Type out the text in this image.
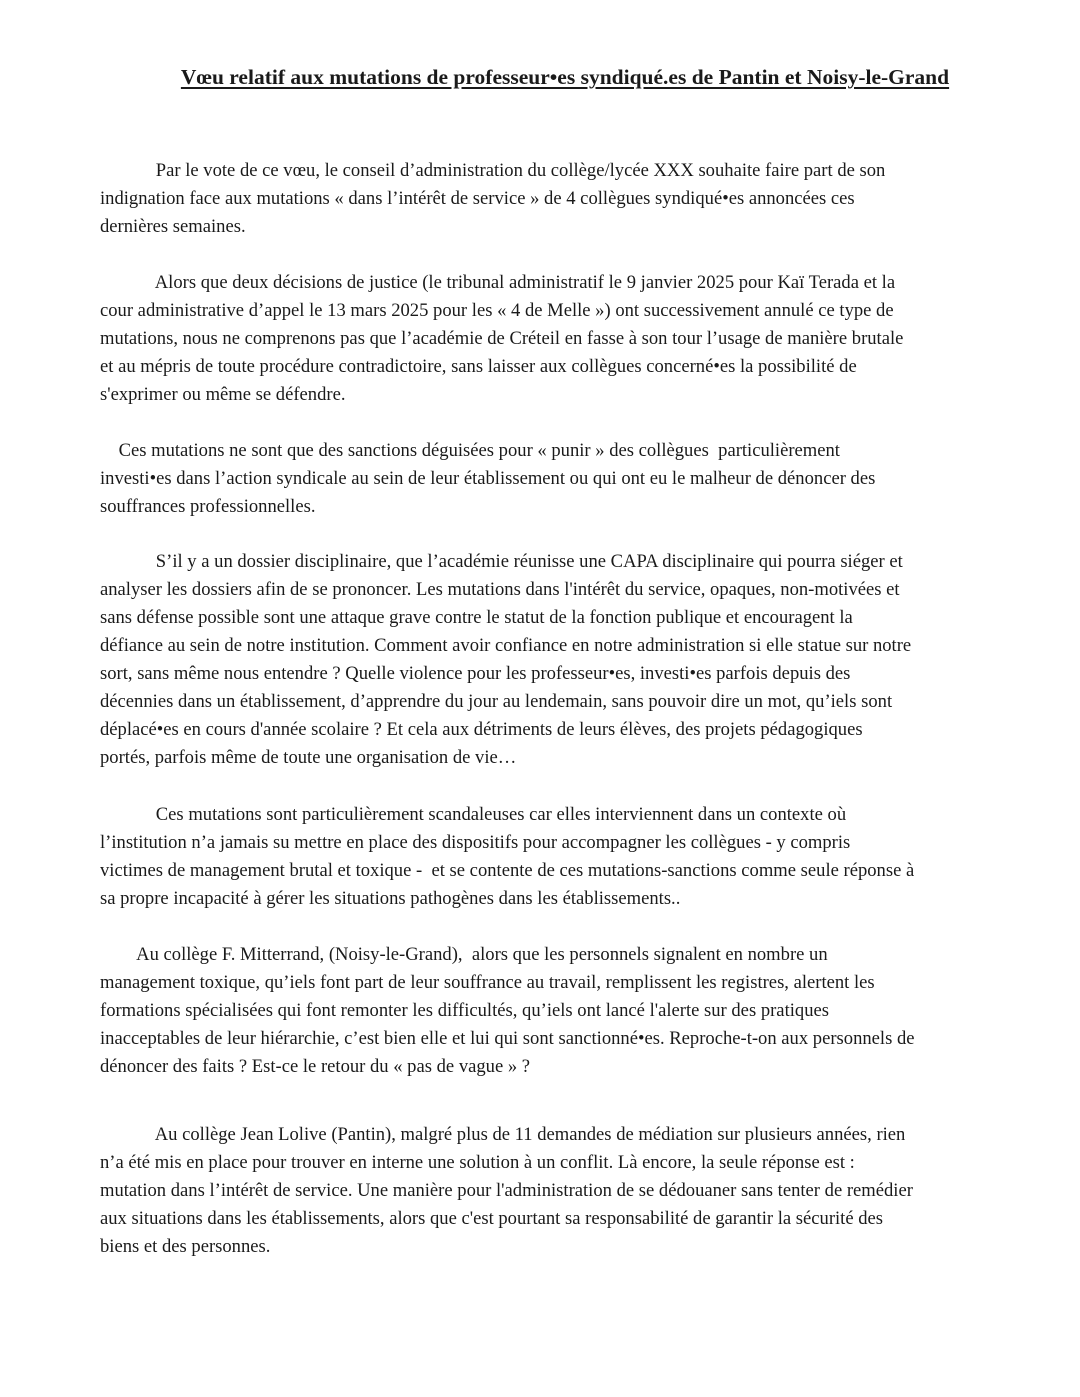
Vœu relatif aux mutations de professeur•es syndiqué.es de Pantin et Noisy-le-Grand
Par le vote de ce vœu, le conseil d’administration du collège/lycée XXX souhaite faire part de son
indignation face aux mutations « dans l’intérêt de service » de 4 collègues syndiqué•es annoncées ces
dernières semaines.
Alors que deux décisions de justice (le tribunal administratif le 9 janvier 2025 pour Kaï Terada et la
cour administrative d’appel le 13 mars 2025 pour les « 4 de Melle ») ont successivement annulé ce type de
mutations, nous ne comprenons pas que l’académie de Créteil en fasse à son tour l’usage de manière brutale
et au mépris de toute procédure contradictoire, sans laisser aux collègues concerné•es la possibilité de
s'exprimer ou même se défendre.
Ces mutations ne sont que des sanctions déguisées pour « punir » des collègues  particulièrement
investi•es dans l’action syndicale au sein de leur établissement ou qui ont eu le malheur de dénoncer des
souffrances professionnelles.
S’il y a un dossier disciplinaire, que l’académie réunisse une CAPA disciplinaire qui pourra siéger et
analyser les dossiers afin de se prononcer. Les mutations dans l'intérêt du service, opaques, non-motivées et
sans défense possible sont une attaque grave contre le statut de la fonction publique et encouragent la
défiance au sein de notre institution. Comment avoir confiance en notre administration si elle statue sur notre
sort, sans même nous entendre ? Quelle violence pour les professeur•es, investi•es parfois depuis des
décennies dans un établissement, d’apprendre du jour au lendemain, sans pouvoir dire un mot, qu’iels sont
déplacé•es en cours d'année scolaire ? Et cela aux détriments de leurs élèves, des projets pédagogiques
portés, parfois même de toute une organisation de vie…
Ces mutations sont particulièrement scandaleuses car elles interviennent dans un contexte où
l’institution n’a jamais su mettre en place des dispositifs pour accompagner les collègues - y compris
victimes de management brutal et toxique -  et se contente de ces mutations-sanctions comme seule réponse à
sa propre incapacité à gérer les situations pathogènes dans les établissements..
Au collège F. Mitterrand, (Noisy-le-Grand),  alors que les personnels signalent en nombre un
management toxique, qu’iels font part de leur souffrance au travail, remplissent les registres, alertent les
formations spécialisées qui font remonter les difficultés, qu’iels ont lancé l'alerte sur des pratiques
inacceptables de leur hiérarchie, c’est bien elle et lui qui sont sanctionné•es. Reproche-t-on aux personnels de
dénoncer des faits ? Est-ce le retour du « pas de vague » ?
Au collège Jean Lolive (Pantin), malgré plus de 11 demandes de médiation sur plusieurs années, rien
n’a été mis en place pour trouver en interne une solution à un conflit. Là encore, la seule réponse est :
mutation dans l’intérêt de service. Une manière pour l'administration de se dédouaner sans tenter de remédier
aux situations dans les établissements, alors que c'est pourtant sa responsabilité de garantir la sécurité des
biens et des personnes.
